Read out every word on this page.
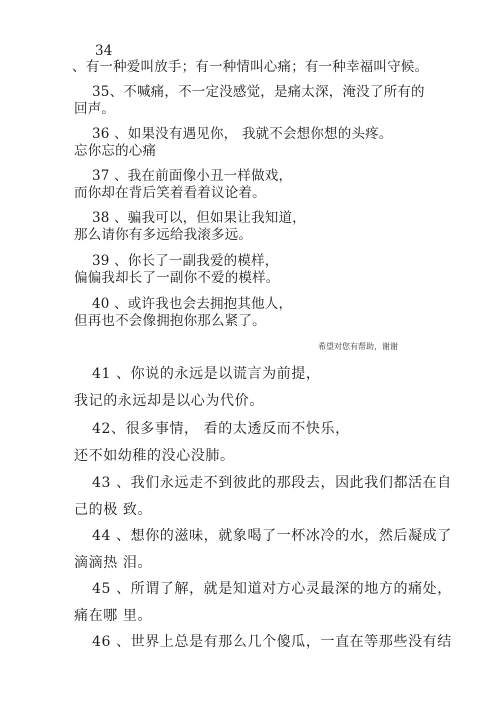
34
、有一种爱叫放手；有一种情叫心痛；有一种幸福叫守候。
35、不喊痛，不一定没感觉，是痛太深，淹没了所有的
回声。
36 、如果没有遇见你， 我就不会想你想的头疼。
忘你忘的心痛
37 、我在前面像小丑一样做戏，
而你却在背后笑着看着议论着。
38 、骗我可以，但如果让我知道，
那么请你有多远给我滚多远。
39 、你长了一副我爱的模样，
偏偏我却长了一副你不爱的模样。
40 、或许我也会去拥抱其他人，
但再也不会像拥抱你那么紧了。
希望对您有帮助，谢谢
41 、你说的永远是以谎言为前提，
我记的永远却是以心为代价。
42、很多事情， 看的太透反而不快乐，
还不如幼稚的没心没肺。
43 、我们永远走不到彼此的那段去，因此我们都活在自
己的极 致。
44 、想你的滋味，就象喝了一杯冰冷的水，然后凝成了
滴滴热 泪。
45 、所谓了解，就是知道对方心灵最深的地方的痛处，
痛在哪 里。
46 、世界上总是有那么几个傻瓜，一直在等那些没有结
